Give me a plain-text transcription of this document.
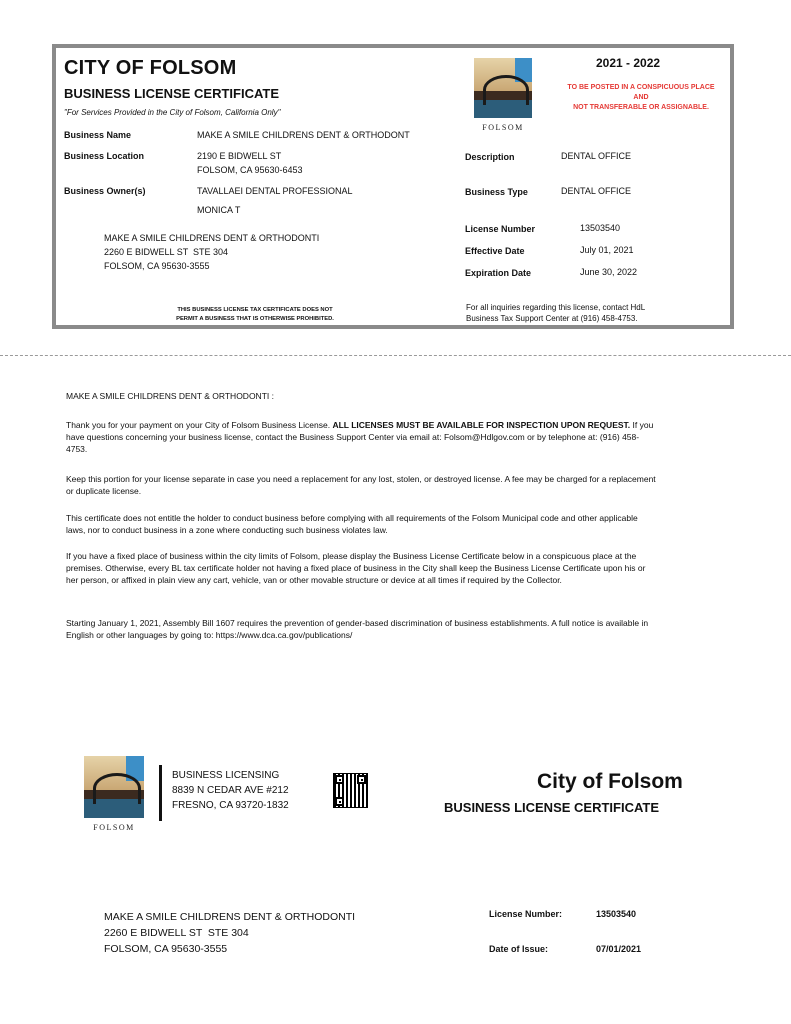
CITY OF FOLSOM
BUSINESS LICENSE CERTIFICATE
"For Services Provided in the City of Folsom, California Only"
FOLSOM
2021 - 2022
TO BE POSTED IN A CONSPICUOUS PLACE
AND
NOT TRANSFERABLE OR ASSIGNABLE.
Business Name	MAKE A SMILE CHILDRENS DENT & ORTHODONT
Business Location	2190 E BIDWELL ST
FOLSOM, CA 95630-6453
Business Owner(s)	TAVALLAEI DENTAL PROFESSIONAL
MONICA T
MAKE A SMILE CHILDRENS DENT & ORTHODONTI
2260 E BIDWELL ST  STE 304
FOLSOM, CA 95630-3555
Description	DENTAL OFFICE
Business Type	DENTAL OFFICE
License Number	13503540
Effective Date	July 01, 2021
Expiration Date	June 30, 2022
THIS BUSINESS LICENSE TAX CERTIFICATE DOES NOT
PERMIT A BUSINESS THAT IS OTHERWISE PROHIBITED.
For all inquiries regarding this license, contact HdL
Business Tax Support Center at (916) 458-4753.
MAKE A SMILE CHILDRENS DENT & ORTHODONTI :
Thank you for your payment on your City of Folsom Business License. ALL LICENSES MUST BE AVAILABLE FOR INSPECTION UPON REQUEST. If you have questions concerning your business license, contact the Business Support Center via email at: Folsom@Hdlgov.com or by telephone at: (916) 458-4753.
Keep this portion for your license separate in case you need a replacement for any lost, stolen, or destroyed license. A fee may be charged for a replacement or duplicate license.
This certificate does not entitle the holder to conduct business before complying with all requirements of the Folsom Municipal code and other applicable laws, nor to conduct business in a zone where conducting such business violates law.
If you have a fixed place of business within the city limits of Folsom, please display the Business License Certificate below in a conspicuous place at the premises. Otherwise, every BL tax certificate holder not having a fixed place of business in the City shall keep the Business License Certificate upon his or her person, or affixed in plain view any cart, vehicle, van or other movable structure or device at all times if required by the Collector.
Starting January 1, 2021, Assembly Bill 1607 requires the prevention of gender-based discrimination of business establishments. A full notice is available in English or other languages by going to: https://www.dca.ca.gov/publications/
FOLSOM
BUSINESS LICENSING
8839 N CEDAR AVE #212
FRESNO, CA 93720-1832
City of Folsom
BUSINESS LICENSE CERTIFICATE
MAKE A SMILE CHILDRENS DENT & ORTHODONTI
2260 E BIDWELL ST  STE 304
FOLSOM, CA 95630-3555
License Number:	13503540
Date of Issue:	07/01/2021
